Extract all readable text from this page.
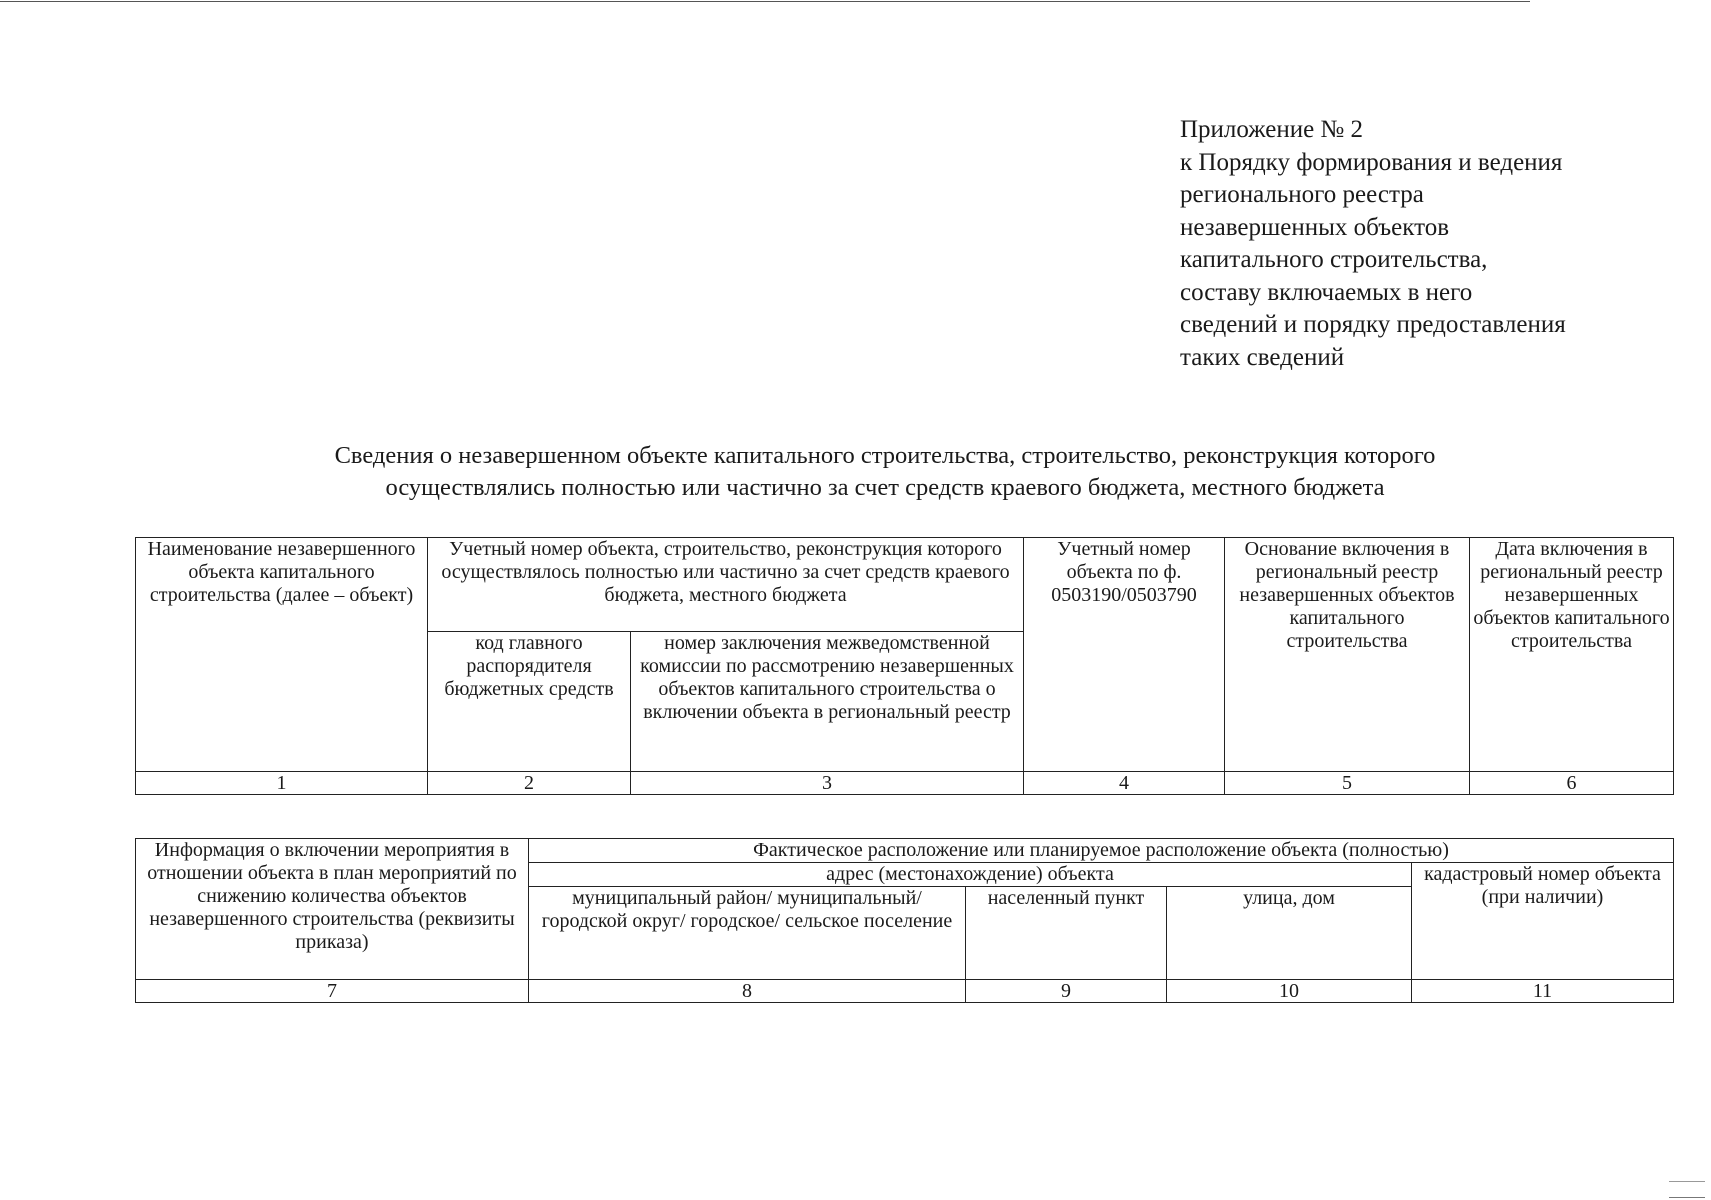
Приложение № 2
к Порядку формирования и ведения
регионального реестра
незавершенных объектов
капитального строительства,
составу включаемых в него
сведений и порядку предоставления
таких сведений
Сведения о незавершенном объекте капитального строительства, строительство, реконструкция которого
осуществлялись полностью или частично за счет средств краевого бюджета, местного бюджета
Наименование незавершенного объекта капитального строительства (далее – объект)	Учетный номер объекта, строительство, реконструкция которого осуществлялось полностью или частично за счет средств краевого бюджета, местного бюджета		Учетный номер объекта по ф. 0503190/0503790	Основание включения в региональный реестр незавершенных объектов капитального строительства	Дата включения в региональный реестр незавершенных объектов капитального строительства
	код главного распорядителя бюджетных средств	номер заключения межведомственной комиссии по рассмотрению незавершенных объектов капитального строительства о включении объекта в региональный реестр			
1	2	3	4	5	6
Информация о включении мероприятия в отношении объекта в план мероприятий по снижению количества объектов незавершенного строительства (реквизиты приказа)	Фактическое расположение или планируемое расположение объекта (полностью)			
	адрес (местонахождение) объекта			кадастровый номер объекта (при наличии)
	муниципальный район/ муниципальный/ городской округ/ городское/ сельское поселение	населенный пункт	улица, дом	
7	8	9	10	11
